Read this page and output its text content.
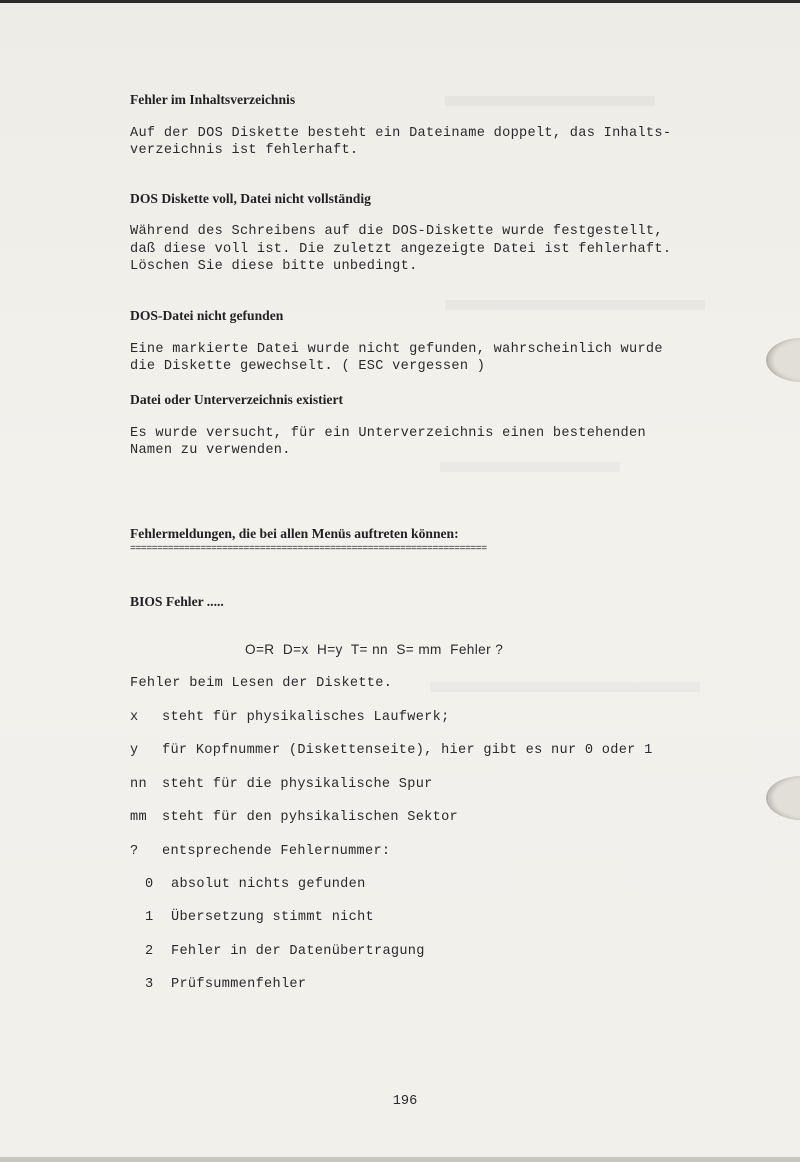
Fehler im Inhaltsverzeichnis
Auf der DOS Diskette besteht ein Dateiname doppelt, das Inhalts-
verzeichnis ist fehlerhaft.
DOS Diskette voll, Datei nicht vollständig
Während des Schreibens auf die DOS-Diskette wurde festgestellt,
daß diese voll ist. Die zuletzt angezeigte Datei ist fehlerhaft.
Löschen Sie diese bitte unbedingt.
DOS-Datei nicht gefunden
Eine markierte Datei wurde nicht gefunden, wahrscheinlich wurde
die Diskette gewechselt. ( ESC vergessen )
Datei oder Unterverzeichnis existiert
Es wurde versucht, für ein Unterverzeichnis einen bestehenden
Namen zu verwenden.
Fehlermeldungen, die bei allen Menüs auftreten können:
==================================================================
BIOS Fehler .....
O=R  D=x  H=y  T= nn  S= mm  Fehler ?
Fehler beim Lesen der Diskette.
x steht für physikalisches Laufwerk;
y für Kopfnummer (Diskettenseite), hier gibt es nur 0 oder 1
nn steht für die physikalische Spur
mm steht für den pyhsikalischen Sektor
? entsprechende Fehlernummer:
0 absolut nichts gefunden
1 Übersetzung stimmt nicht
2 Fehler in der Datenübertragung
3 Prüfsummenfehler
196
